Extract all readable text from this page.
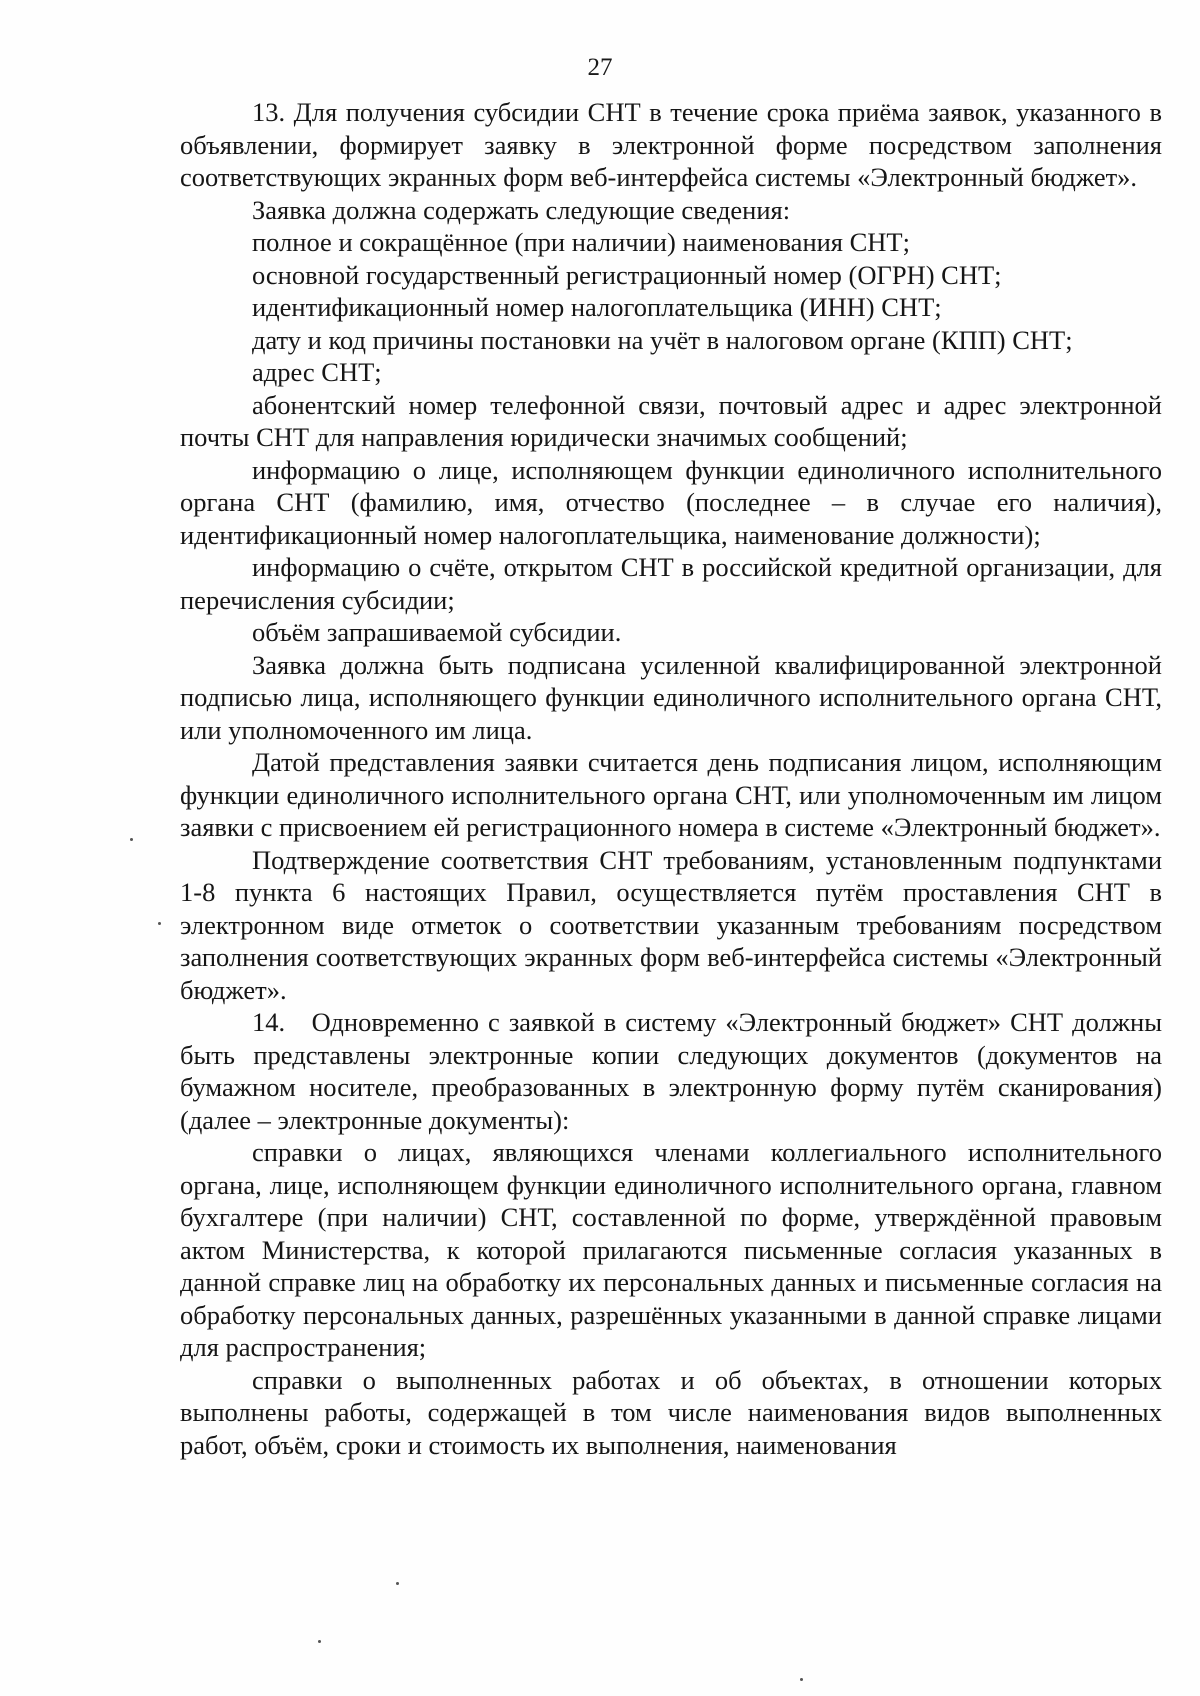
27

13. Для получения субсидии СНТ в течение срока приёма заявок, указанного в объявлении, формирует заявку в электронной форме посредством заполнения соответствующих экранных форм веб-интерфейса системы «Электронный бюджет».

Заявка должна содержать следующие сведения:

полное и сокращённое (при наличии) наименования СНТ;

основной государственный регистрационный номер (ОГРН) СНТ;

идентификационный номер налогоплательщика (ИНН) СНТ;

дату и код причины постановки на учёт в налоговом органе (КПП) СНТ;

адрес СНТ;

абонентский номер телефонной связи, почтовый адрес и адрес электронной почты СНТ для направления юридически значимых сообщений;

информацию о лице, исполняющем функции единоличного исполнительного органа СНТ (фамилию, имя, отчество (последнее – в случае его наличия), идентификационный номер налогоплательщика, наименование должности);

информацию о счёте, открытом СНТ в российской кредитной организации, для перечисления субсидии;

объём запрашиваемой субсидии.

Заявка должна быть подписана усиленной квалифицированной электронной подписью лица, исполняющего функции единоличного исполнительного органа СНТ, или уполномоченного им лица.

Датой представления заявки считается день подписания лицом, исполняющим функции единоличного исполнительного органа СНТ, или уполномоченным им лицом заявки с присвоением ей регистрационного номера в системе «Электронный бюджет».

Подтверждение соответствия СНТ требованиям, установленным подпунктами 1-8 пункта 6 настоящих Правил, осуществляется путём проставления СНТ в электронном виде отметок о соответствии указанным требованиям посредством заполнения соответствующих экранных форм веб-интерфейса системы «Электронный бюджет».

14. Одновременно с заявкой в систему «Электронный бюджет» СНТ должны быть представлены электронные копии следующих документов (документов на бумажном носителе, преобразованных в электронную форму путём сканирования) (далее – электронные документы):

справки о лицах, являющихся членами коллегиального исполнительного органа, лице, исполняющем функции единоличного исполнительного органа, главном бухгалтере (при наличии) СНТ, составленной по форме, утверждённой правовым актом Министерства, к которой прилагаются письменные согласия указанных в данной справке лиц на обработку их персональных данных и письменные согласия на обработку персональных данных, разрешённых указанными в данной справке лицами для распространения;

справки о выполненных работах и об объектах, в отношении которых выполнены работы, содержащей в том числе наименования видов выполненных работ, объём, сроки и стоимость их выполнения, наименования
